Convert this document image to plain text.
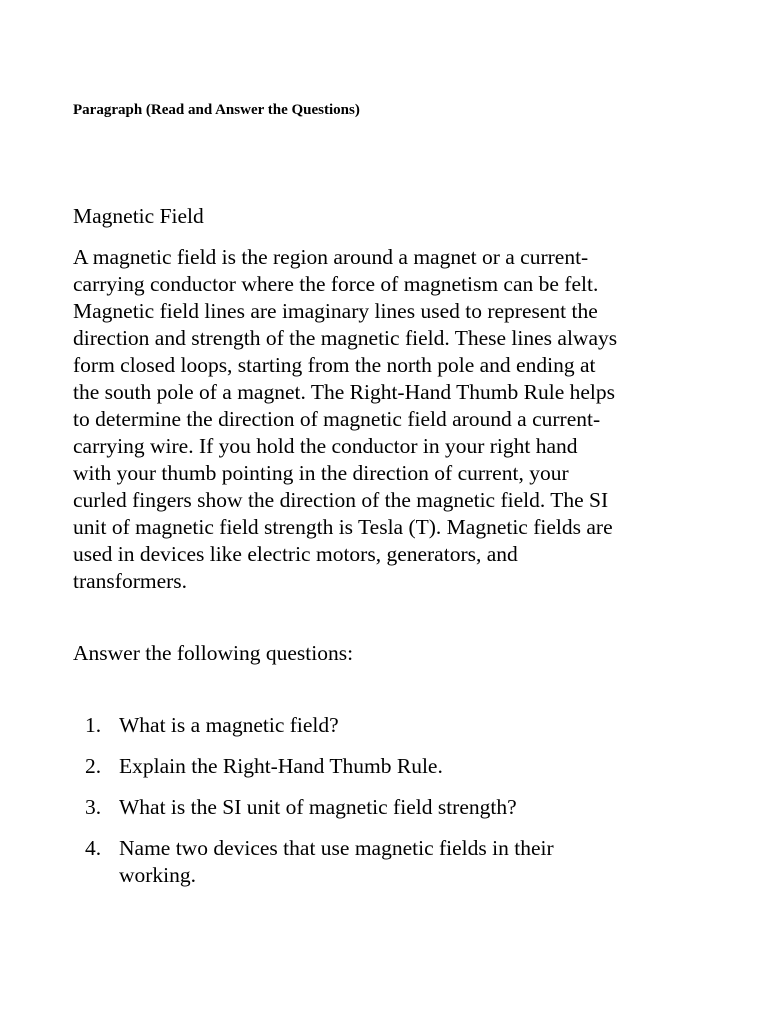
Paragraph (Read and Answer the Questions)
Magnetic Field
A magnetic field is the region around a magnet or a current-
carrying conductor where the force of magnetism can be felt.
Magnetic field lines are imaginary lines used to represent the
direction and strength of the magnetic field. These lines always
form closed loops, starting from the north pole and ending at
the south pole of a magnet. The Right-Hand Thumb Rule helps
to determine the direction of magnetic field around a current-
carrying wire. If you hold the conductor in your right hand
with your thumb pointing in the direction of current, your
curled fingers show the direction of the magnetic field. The SI
unit of magnetic field strength is Tesla (T). Magnetic fields are
used in devices like electric motors, generators, and
transformers.
Answer the following questions:
1. What is a magnetic field?
2. Explain the Right-Hand Thumb Rule.
3. What is the SI unit of magnetic field strength?
4. Name two devices that use magnetic fields in their
working.
